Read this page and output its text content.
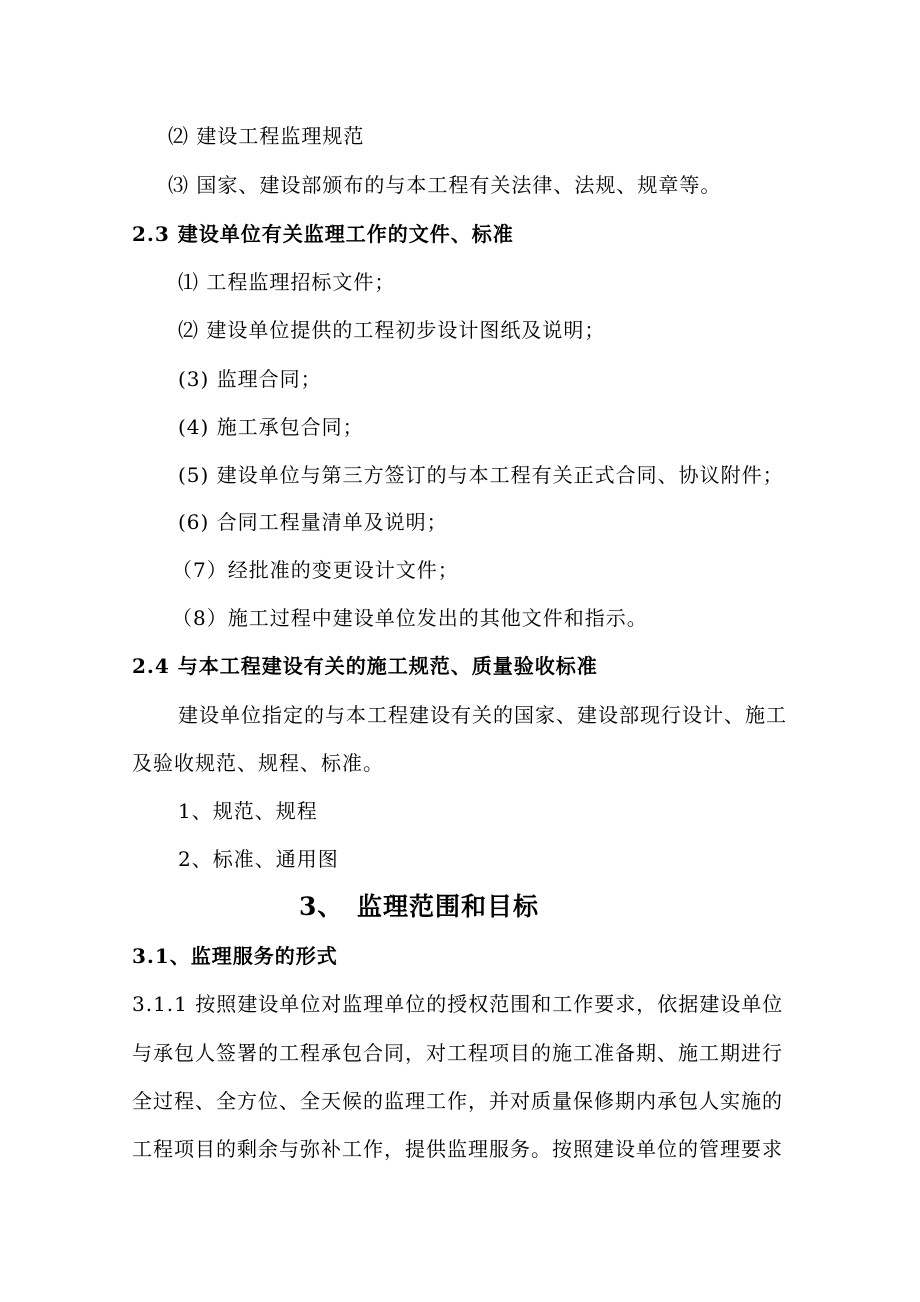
⑵ 建设工程监理规范
⑶ 国家、建设部颁布的与本工程有关法律、法规、规章等。
2.3 建设单位有关监理工作的文件、标准
⑴ 工程监理招标文件；
⑵ 建设单位提供的工程初步设计图纸及说明；
(3) 监理合同；
(4) 施工承包合同；
(5) 建设单位与第三方签订的与本工程有关正式合同、协议附件；
(6) 合同工程量清单及说明；
（7）经批准的变更设计文件；
（8）施工过程中建设单位发出的其他文件和指示。
2.4 与本工程建设有关的施工规范、质量验收标准
建设单位指定的与本工程建设有关的国家、建设部现行设计、施工
及验收规范、规程、标准。
1、规范、规程
2、标准、通用图
3、 监理范围和目标
3.1、监理服务的形式
3.1.1 按照建设单位对监理单位的授权范围和工作要求，依据建设单位
与承包人签署的工程承包合同，对工程项目的施工准备期、施工期进行
全过程、全方位、全天候的监理工作，并对质量保修期内承包人实施的
工程项目的剩余与弥补工作，提供监理服务。按照建设单位的管理要求
